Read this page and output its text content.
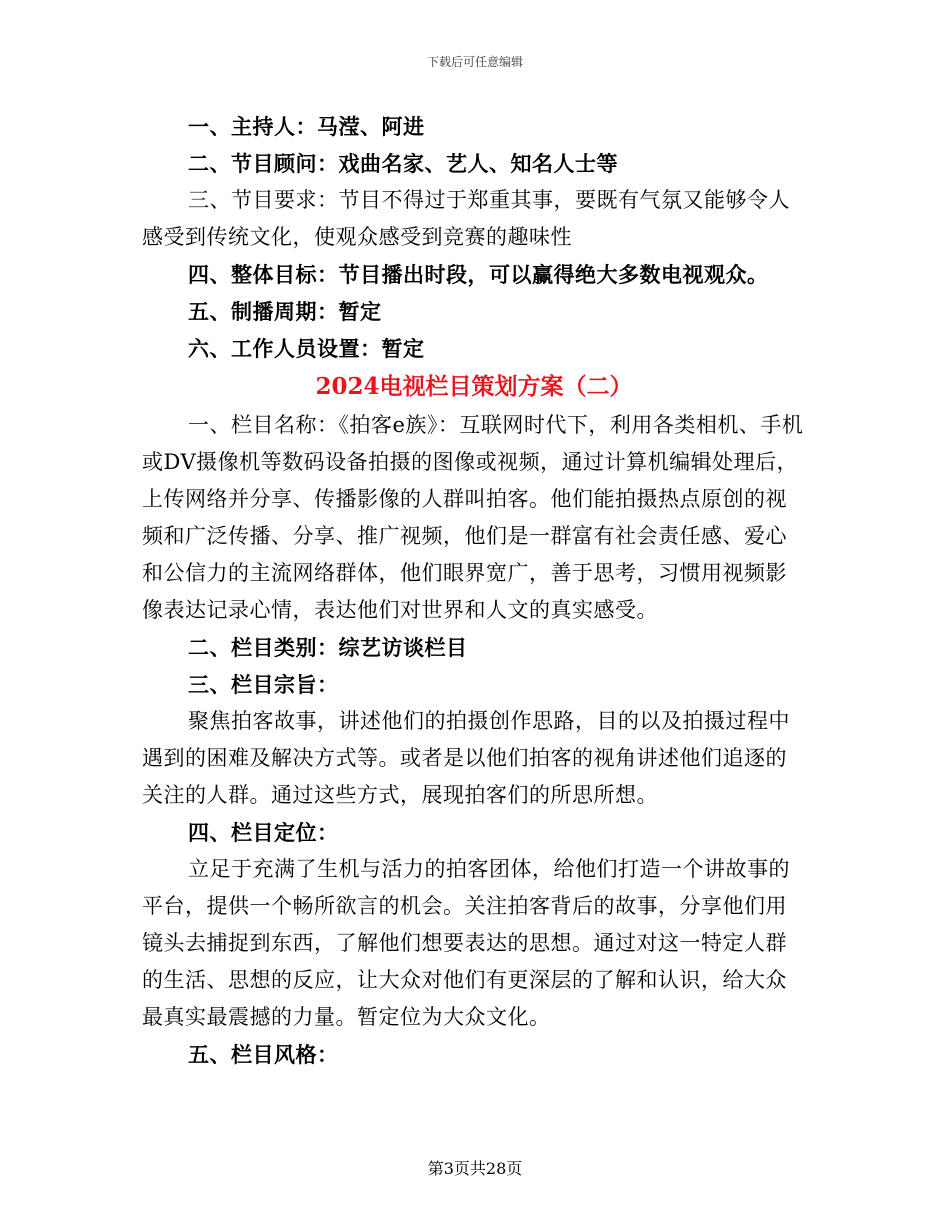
下载后可任意编辑

一、主持人：马滢、阿进

二、节目顾问：戏曲名家、艺人、知名人士等

三、节目要求：节目不得过于郑重其事，要既有气氛又能够令人感受到传统文化，使观众感受到竞赛的趣味性

四、整体目标：节目播出时段，可以赢得绝大多数电视观众。

五、制播周期：暂定

六、工作人员设置：暂定

2024电视栏目策划方案（二）

一、栏目名称：《拍客e族》：互联网时代下，利用各类相机、手机或DV摄像机等数码设备拍摄的图像或视频，通过计算机编辑处理后，上传网络并分享、传播影像的人群叫拍客。他们能拍摄热点原创的视频和广泛传播、分享、推广视频，他们是一群富有社会责任感、爱心和公信力的主流网络群体，他们眼界宽广，善于思考，习惯用视频影像表达记录心情，表达他们对世界和人文的真实感受。

二、栏目类别：综艺访谈栏目

三、栏目宗旨：

聚焦拍客故事，讲述他们的拍摄创作思路，目的以及拍摄过程中遇到的困难及解决方式等。或者是以他们拍客的视角讲述他们追逐的关注的人群。通过这些方式，展现拍客们的所思所想。

四、栏目定位：

立足于充满了生机与活力的拍客团体，给他们打造一个讲故事的平台，提供一个畅所欲言的机会。关注拍客背后的故事，分享他们用镜头去捕捉到东西，了解他们想要表达的思想。通过对这一特定人群的生活、思想的反应，让大众对他们有更深层的了解和认识，给大众最真实最震撼的力量。暂定位为大众文化。

五、栏目风格：

第3页共28页
